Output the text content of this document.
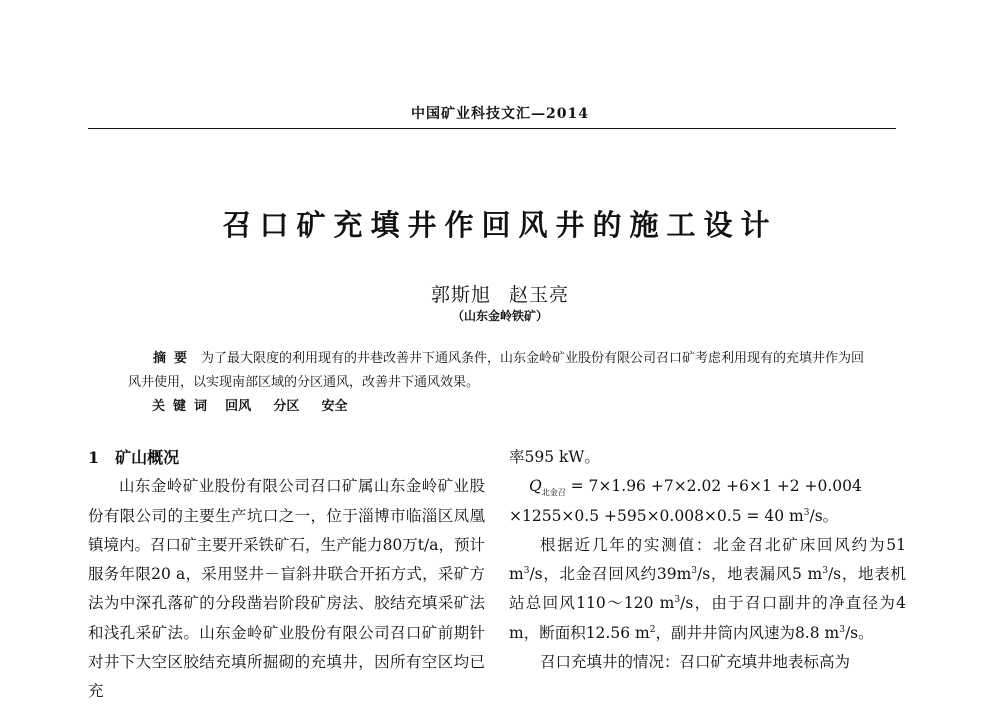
中国矿业科技文汇—2014
召口矿充填井作回风井的施工设计
郭斯旭 赵玉亮
（山东金岭铁矿）
摘要 为了最大限度的利用现有的井巷改善井下通风条件，山东金岭矿业股份有限公司召口矿考虑利用现有的充填井作为回风井使用，以实现南部区域的分区通风，改善井下通风效果。
关键词 回风 分区 安全

1 矿山概况

山东金岭矿业股份有限公司召口矿属山东金岭矿业股份有限公司的主要生产坑口之一，位于淄博市临淄区凤凰镇境内。召口矿主要开采铁矿石，生产能力80万t/a，预计服务年限20 a，采用竖井－盲斜井联合开拓方式，采矿方法为中深孔落矿的分段凿岩阶段矿房法、胶结充填采矿法和浅孔采矿法。山东金岭矿业股份有限公司召口矿前期针对井下大空区胶结充填所掘砌的充填井，因所有空区均已充

率595 kW。

$Q_{北金召} = 7\times 1.96 +7\times 2.02 +6\times 1 +2 +0.004$

×1255×0.5 +595×0.008×0.5 = 40 $m^3/s$。

根据近几年的实测值：北金召北矿床回风约为51 $m^3/s$，北金召回风约$39m^3/s$，地表漏风5 $m^3/s$，地表机站总回风110～120 $m^3/s$，由于召口副井的净直径为4 m，断面积12.56 $m^2$，副井井筒内风速为8.8 $m^3/s$。

召口充填井的情况：召口矿充填井地表标高为
